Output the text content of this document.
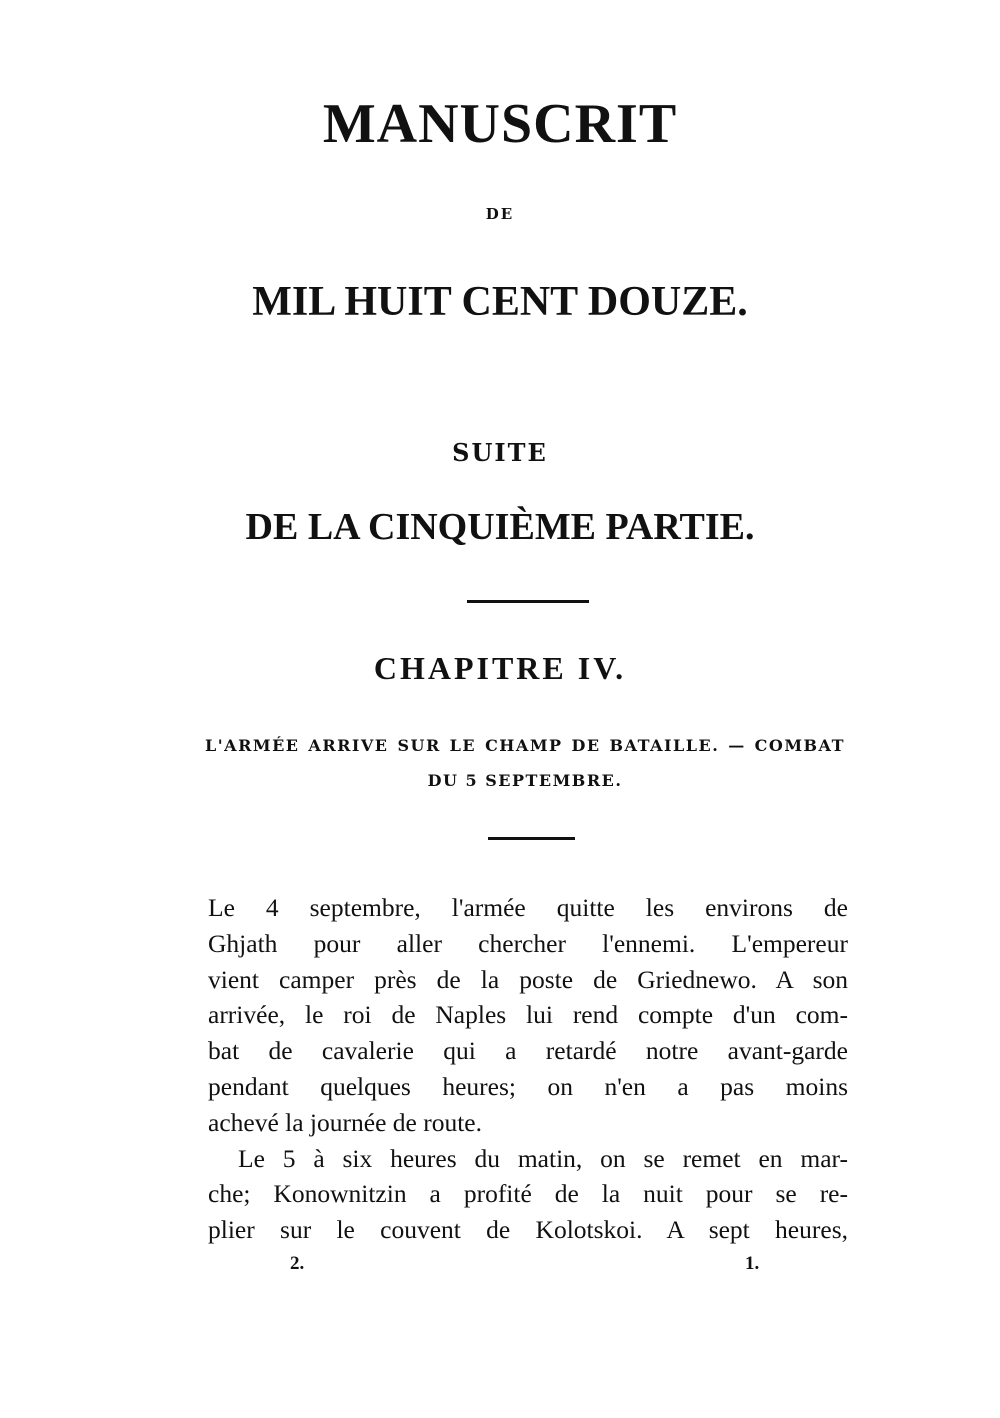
MANUSCRIT
DE
MIL HUIT CENT DOUZE.
SUITE
DE LA CINQUIÈME PARTIE.
CHAPITRE IV.
L'ARMÉE ARRIVE SUR LE CHAMP DE BATAILLE. — COMBAT DU 5 SEPTEMBRE.
Le 4 septembre, l'armée quitte les environs de
Ghjath pour aller chercher l'ennemi. L'empereur
vient camper près de la poste de Griednewo. A son
arrivée, le roi de Naples lui rend compte d'un com-
bat de cavalerie qui a retardé notre avant-garde
pendant quelques heures; on n'en a pas moins
achevé la journée de route.
Le 5 à six heures du matin, on se remet en mar-
che; Konownitzin a profité de la nuit pour se re-
plier sur le couvent de Kolotskoi. A sept heures,
2.	1.
